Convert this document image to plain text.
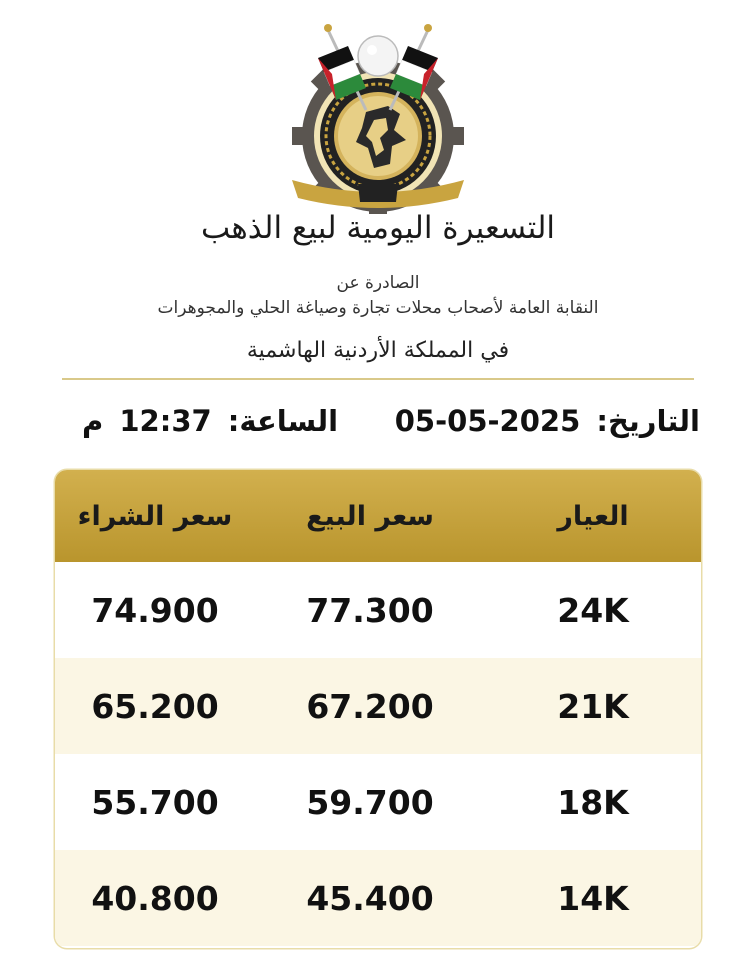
التسعيرة اليومية لبيع الذهب
الصادرة عن
النقابة العامة لأصحاب محلات تجارة وصياغة الحلي والمجوهرات
في المملكة الأردنية الهاشمية
التاريخ: 05-05-2025
الساعة: 12:37 م
العيار
سعر البيع
سعر الشراء
24K
77.300
74.900
21K
67.200
65.200
18K
59.700
55.700
14K
45.400
40.800
